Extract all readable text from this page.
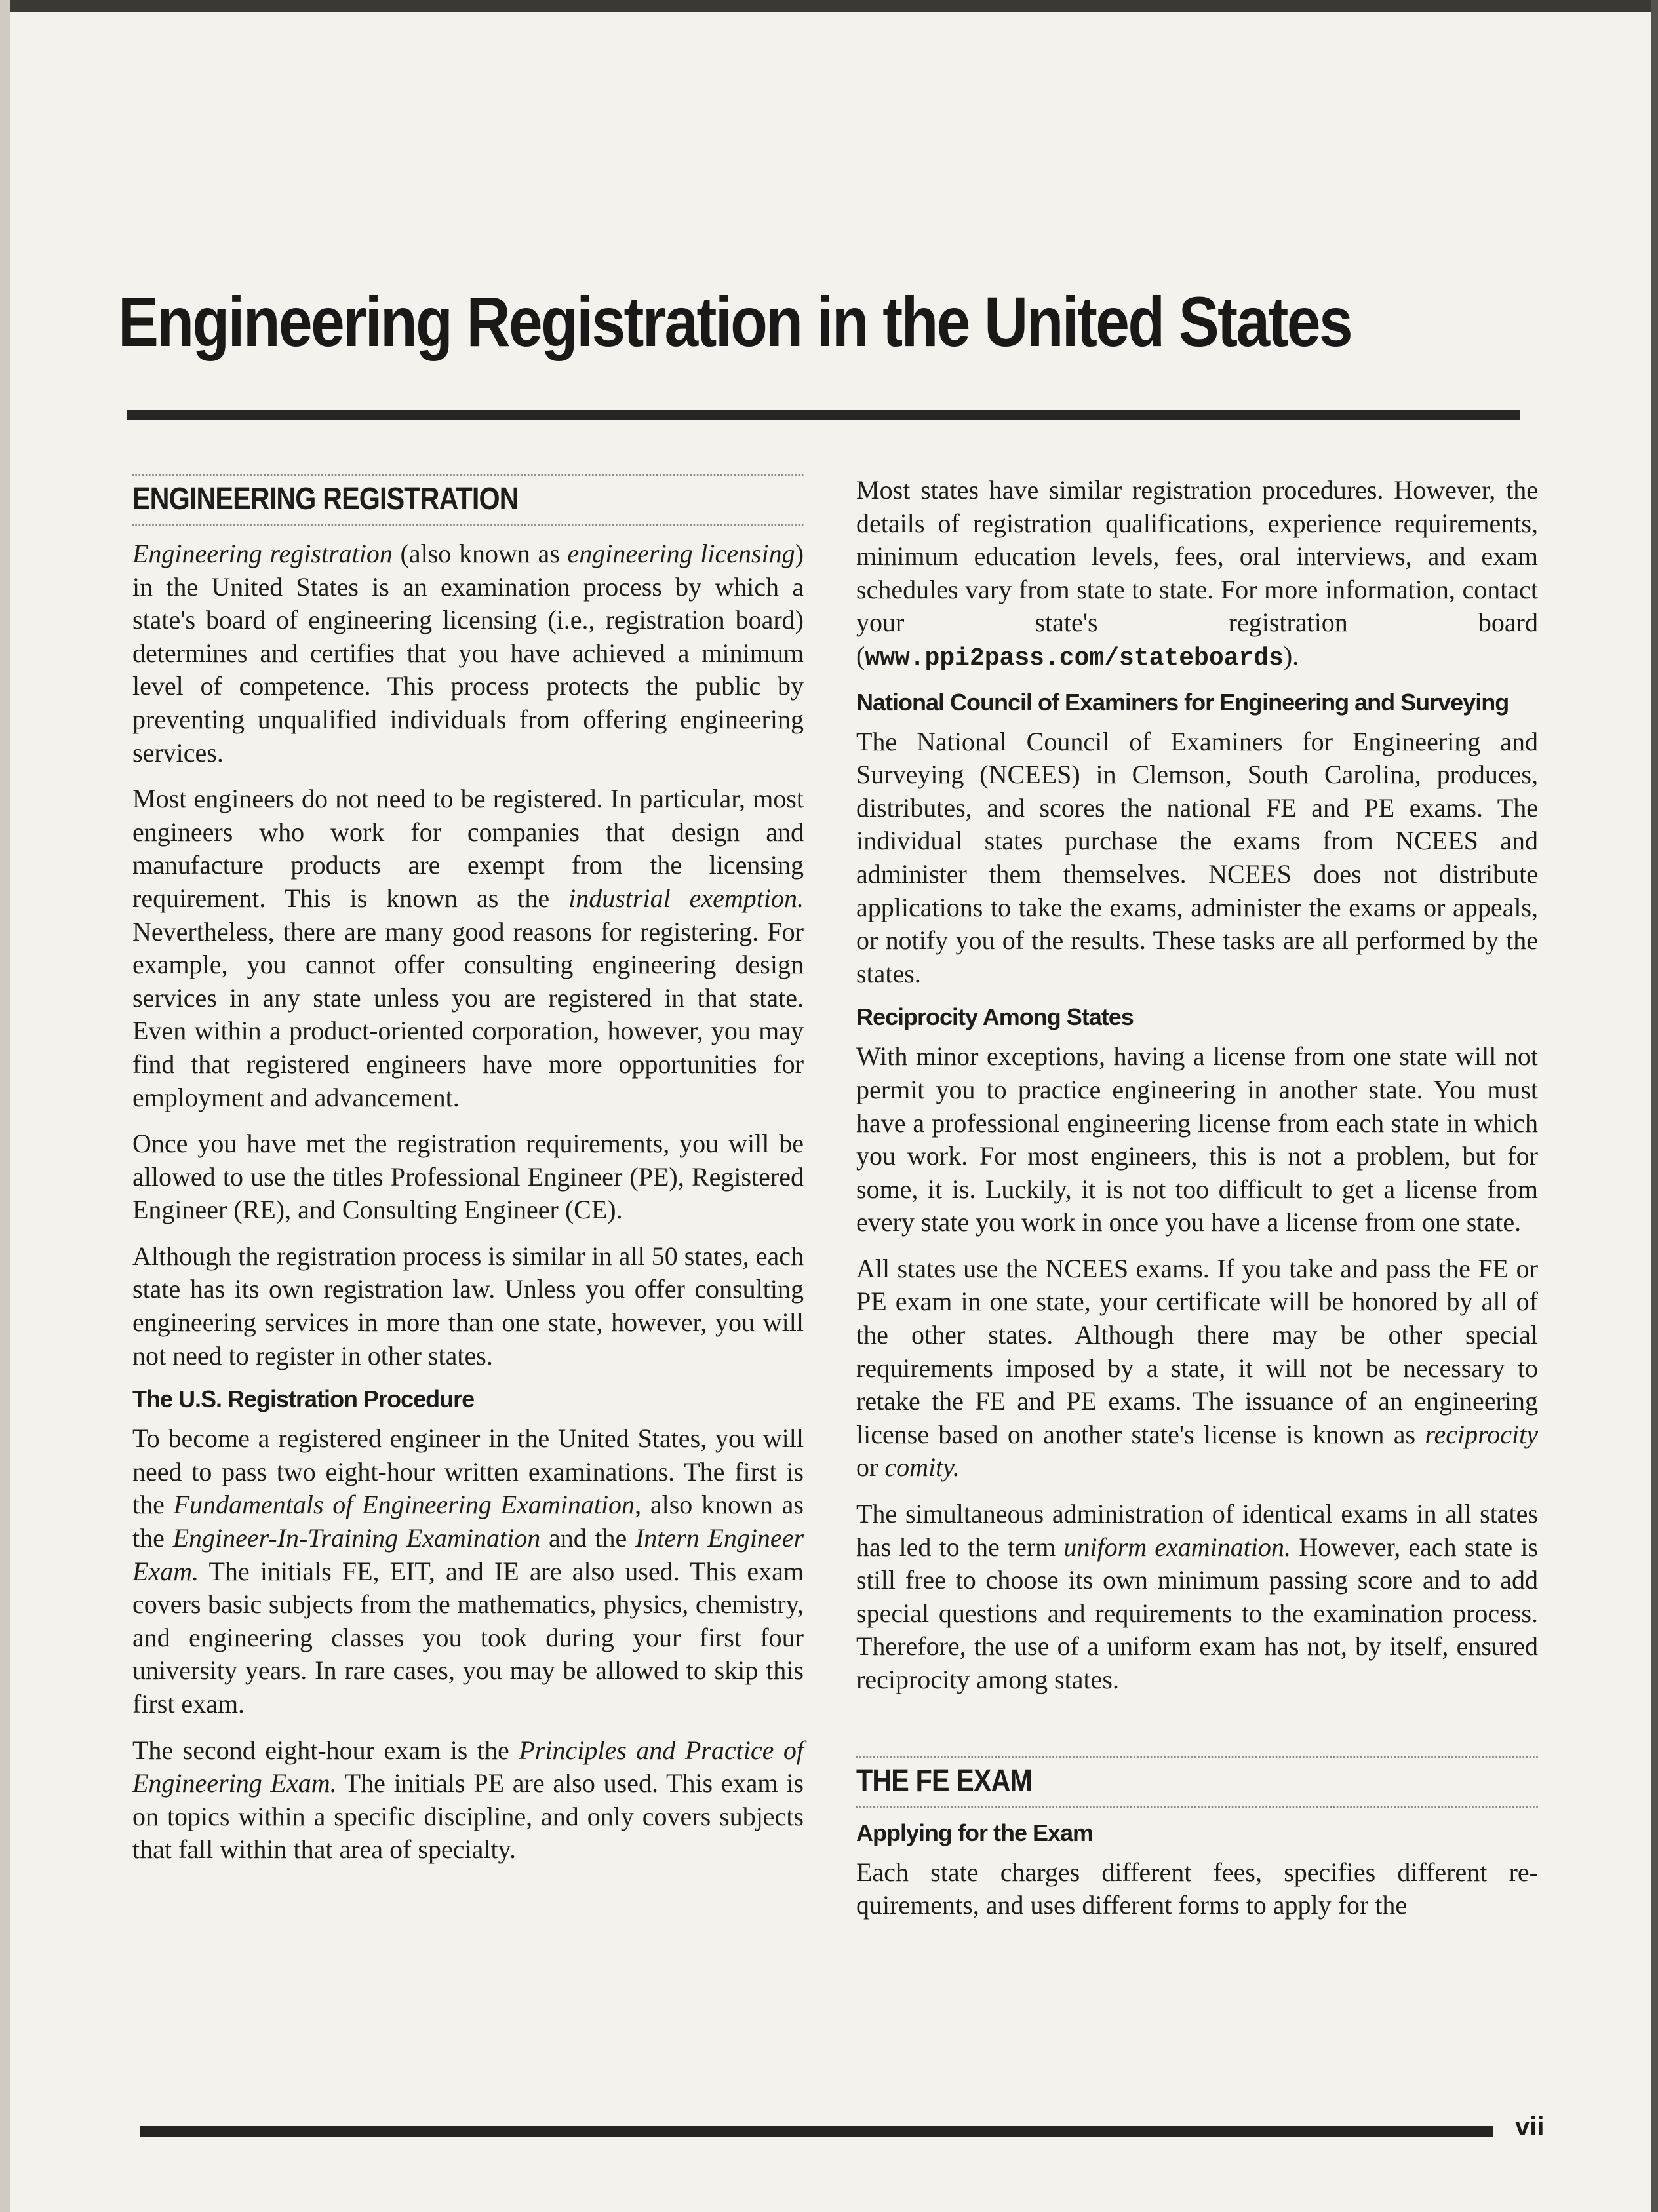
Engineering Registration in the United States
ENGINEERING REGISTRATION

Engineering registration (also known as engineering licensing) in the United States is an examination process by which a state's board of engineering licensing (i.e., registration board) determines and certifies that you have achieved a minimum level of competence. This process protects the public by preventing unqualified individuals from offering engineering services.

Most engineers do not need to be registered. In particular, most engineers who work for companies that design and manufacture products are exempt from the licensing requirement. This is known as the industrial exemption. Nevertheless, there are many good reasons for registering. For example, you cannot offer consulting engineering design services in any state unless you are registered in that state. Even within a product-oriented corporation, however, you may find that registered engineers have more opportunities for employment and advancement.

Once you have met the registration requirements, you will be allowed to use the titles Professional Engineer (PE), Registered Engineer (RE), and Consulting Engineer (CE).

Although the registration process is similar in all 50 states, each state has its own registration law. Unless you offer consulting engineering services in more than one state, however, you will not need to register in other states.

The U.S. Registration Procedure

To become a registered engineer in the United States, you will need to pass two eight-hour written examinations. The first is the Fundamentals of Engineering Examination, also known as the Engineer-In-Training Examination and the Intern Engineer Exam. The initials FE, EIT, and IE are also used. This exam covers basic subjects from the mathematics, physics, chemistry, and engineering classes you took during your first four university years. In rare cases, you may be allowed to skip this first exam.

The second eight-hour exam is the Principles and Practice of Engineering Exam. The initials PE are also used. This exam is on topics within a specific discipline, and only covers subjects that fall within that area of specialty.

Most states have similar registration procedures. However, the details of registration qualifications, experience requirements, minimum education levels, fees, oral interviews, and exam schedules vary from state to state. For more information, contact your state's registration board (www.ppi2pass.com/stateboards).

National Council of Examiners for Engineering and Surveying

The National Council of Examiners for Engineering and Surveying (NCEES) in Clemson, South Carolina, produces, distributes, and scores the national FE and PE exams. The individual states purchase the exams from NCEES and administer them themselves. NCEES does not distribute applications to take the exams, administer the exams or appeals, or notify you of the results. These tasks are all performed by the states.

Reciprocity Among States

With minor exceptions, having a license from one state will not permit you to practice engineering in another state. You must have a professional engineering license from each state in which you work. For most engineers, this is not a problem, but for some, it is. Luckily, it is not too difficult to get a license from every state you work in once you have a license from one state.

All states use the NCEES exams. If you take and pass the FE or PE exam in one state, your certificate will be honored by all of the other states. Although there may be other special requirements imposed by a state, it will not be necessary to retake the FE and PE exams. The issuance of an engineering license based on another state's license is known as reciprocity or comity.

The simultaneous administration of identical exams in all states has led to the term uniform examination. However, each state is still free to choose its own minimum passing score and to add special questions and requirements to the examination process. Therefore, the use of a uniform exam has not, by itself, ensured reciprocity among states.

THE FE EXAM
Applying for the Exam

Each state charges different fees, specifies different requirements, and uses different forms to apply for the

vii
